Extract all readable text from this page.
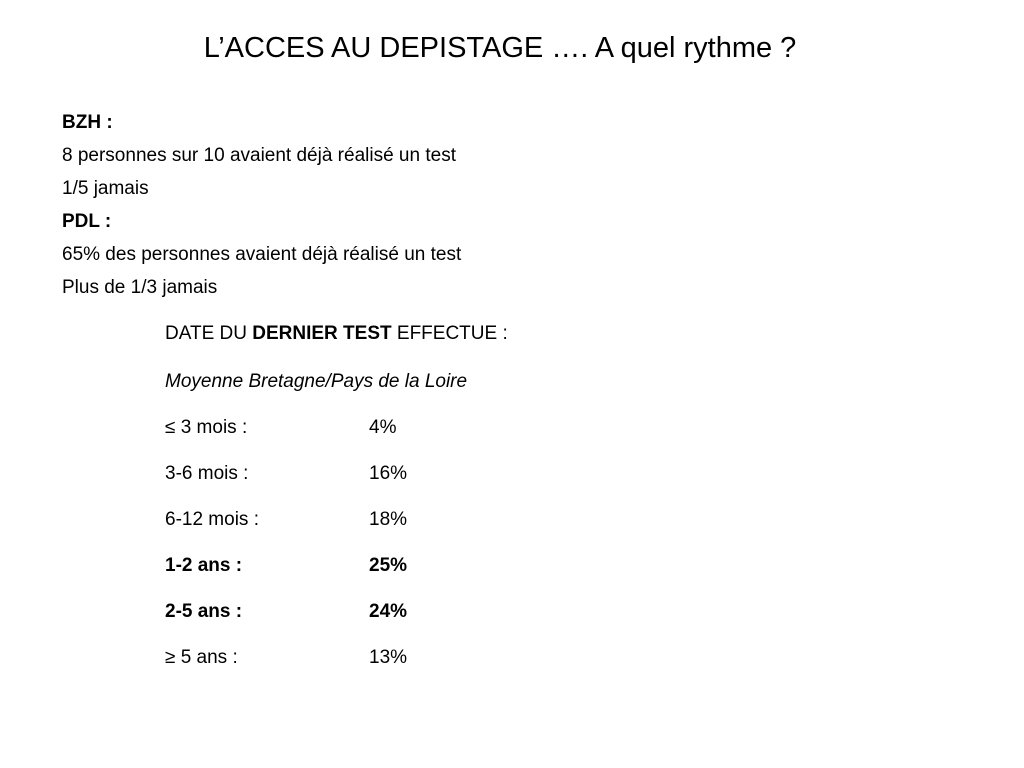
L’ACCES AU DEPISTAGE …. A quel rythme ?
BZH :
8 personnes sur 10 avaient déjà réalisé un test
1/5 jamais
PDL :
65% des personnes avaient déjà réalisé un test
Plus de 1/3 jamais
DATE DU DERNIER TEST EFFECTUE :
Moyenne Bretagne/Pays de la Loire
≤ 3 mois :	4%
3-6 mois :	16%
6-12 mois :	18%
1-2 ans :	25%
2-5 ans :	24%
≥ 5 ans :	13%
